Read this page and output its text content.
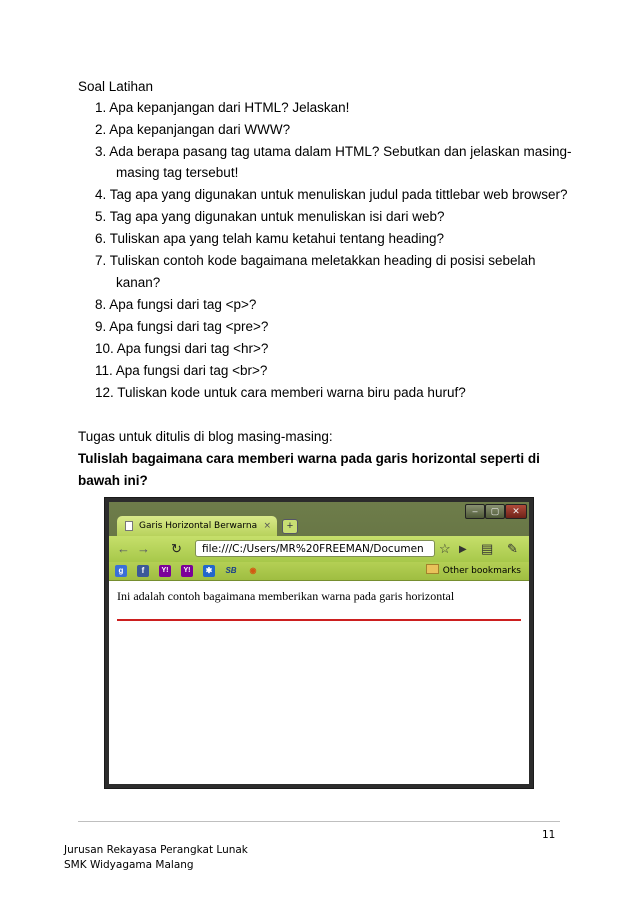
Soal Latihan
1. Apa kepanjangan dari HTML? Jelaskan!
2. Apa kepanjangan dari WWW?
3. Ada berapa pasang tag utama dalam HTML? Sebutkan dan jelaskan masing-
masing tag tersebut!
4. Tag apa yang digunakan untuk menuliskan judul pada tittlebar web browser?
5. Tag apa yang digunakan untuk menuliskan isi dari web?
6. Tuliskan apa yang telah kamu ketahui tentang heading?
7. Tuliskan contoh kode bagaimana meletakkan heading di posisi sebelah
kanan?
8. Apa fungsi dari tag <p>?
9. Apa fungsi dari tag <pre>?
10. Apa fungsi dari tag <hr>?
11. Apa fungsi dari tag <br>?
12. Tuliskan kode untuk cara memberi warna biru pada huruf?
Tugas untuk ditulis di blog masing-masing:
Tulislah bagaimana cara memberi warna pada garis horizontal seperti di
bawah ini?
–	▢	✕
Garis Horizontal Berwarna ×	+
← → ↻	file:///C:/Users/MR%20FREEMAN/Documen	☆ ▶ ▤ ✎
g	f	Y!	Y!	✱	SB	◉	Other bookmarks
Ini adalah contoh bagaimana memberikan warna pada garis horizontal
11
Jurusan Rekayasa Perangkat Lunak
SMK Widyagama Malang
